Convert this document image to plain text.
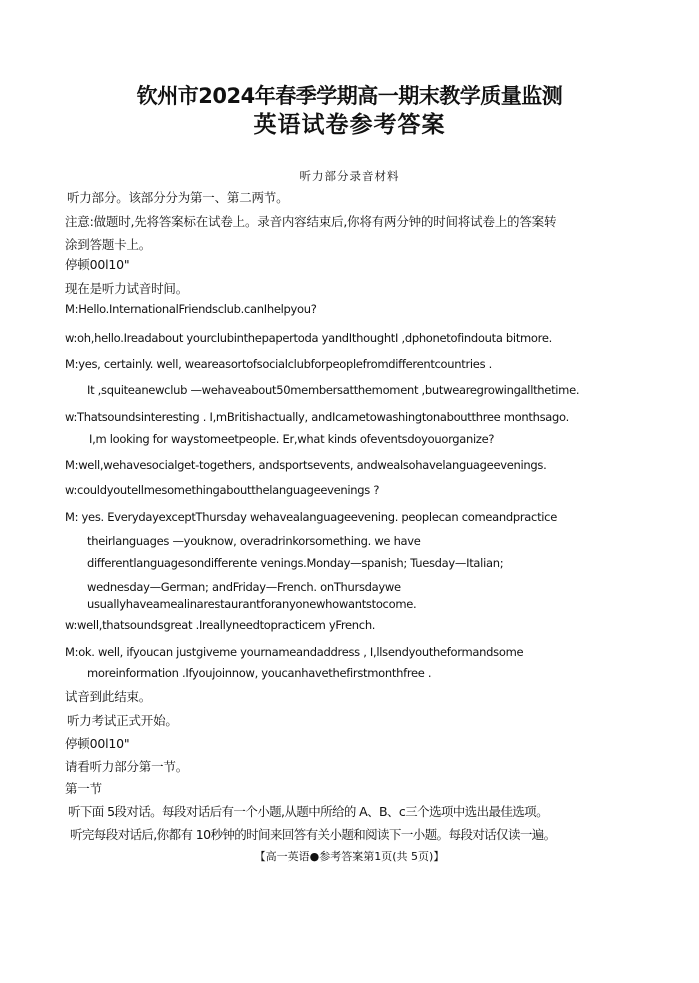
钦州市2024年春季学期高一期末教学质量监测
英语试卷参考答案
听力部分录音材料
听力部分。该部分分为第一、第二两节。
注意:做题时,先将答案标在试卷上。录音内容结束后,你将有两分钟的时间将试卷上的答案转
涂到答题卡上。
停顿00l10"
现在是听力试音时间。
M:Hello.InternationalFriendsclub.canIhelpyou?
w:oh,hello.Ireadabout yourclubinthepapertoda yandIthoughtI ,dphonetofindouta bitmore.
M:yes, certainly. well, weareasortofsocialclubforpeoplefromdifferentcountries .
It ,squiteanewclub —wehaveabout50membersatthemoment ,butwearegrowingallthetime.
w:Thatsoundsinteresting . I,mBritishactually, andIcametowashingtonaboutthree monthsago.
I,m looking for waystomeetpeople. Er,what kinds ofeventsdoyouorganize?
M:well,wehavesocialget-togethers, andsportsevents, andwealsohavelanguageevenings.
w:couldyoutellmesomethingaboutthelanguageevenings ?
M: yes. EverydayexceptThursday wehavealanguageevening. peoplecan comeandpractice
theirlanguages —youknow, overadrinkorsomething. we have
differentlanguagesondifferente venings.Monday—spanish; Tuesday—Italian;
wednesday—German; andFriday—French. onThursdaywe
usuallyhaveamealinarestaurantforanyonewhowantstocome.
w:well,thatsoundsgreat .Ireallyneedtopracticem yFrench.
M:ok. well, ifyoucan justgiveme yournameandaddress , I,llsendyoutheformandsome
moreinformation .Ifyoujoinnow, youcanhavethefirstmonthfree .
试音到此结束。
听力考试正式开始。
停顿00l10"
请看听力部分第一节。
第一节
听下面 5段对话。每段对话后有一个小题,从题中所给的 A、B、c三个选项中选出最佳选项。
听完每段对话后,你都有 10秒钟的时间来回答有关小题和阅读下一小题。每段对话仅读一遍。
【高一英语●参考答案第1页(共 5页)】
